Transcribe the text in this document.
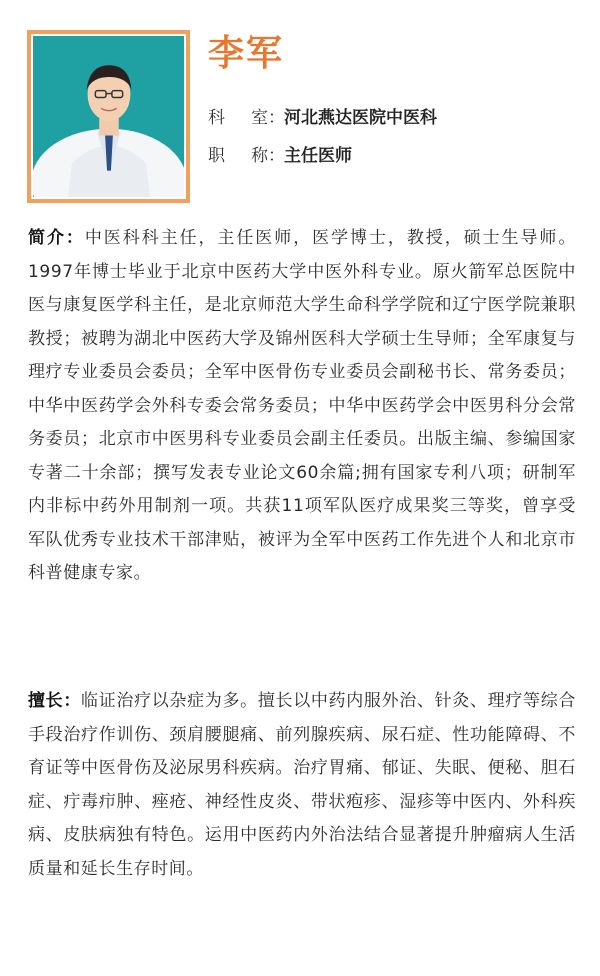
李军
科 室：河北燕达医院中医科
职 称：主任医师
简介：中医科科主任，主任医师，医学博士，教授，硕士生导师。1997年博士毕业于北京中医药大学中医外科专业。原火箭军总医院中医与康复医学科主任，是北京师范大学生命科学学院和辽宁医学院兼职教授；被聘为湖北中医药大学及锦州医科大学硕士生导师；全军康复与理疗专业委员会委员；全军中医骨伤专业委员会副秘书长、常务委员；中华中医药学会外科专委会常务委员；中华中医药学会中医男科分会常务委员；北京市中医男科专业委员会副主任委员。出版主编、参编国家专著二十余部；撰写发表专业论文60余篇;拥有国家专利八项；研制军内非标中药外用制剂一项。共获11项军队医疗成果奖三等奖，曾享受军队优秀专业技术干部津贴，被评为全军中医药工作先进个人和北京市科普健康专家。
擅长：临证治疗以杂症为多。擅长以中药内服外治、针灸、理疗等综合手段治疗作训伤、颈肩腰腿痛、前列腺疾病、尿石症、性功能障碍、不育证等中医骨伤及泌尿男科疾病。治疗胃痛、郁证、失眠、便秘、胆石症、疔毒疖肿、痤疮、神经性皮炎、带状疱疹、湿疹等中医内、外科疾病、皮肤病独有特色。运用中医药内外治法结合显著提升肿瘤病人生活质量和延长生存时间。
